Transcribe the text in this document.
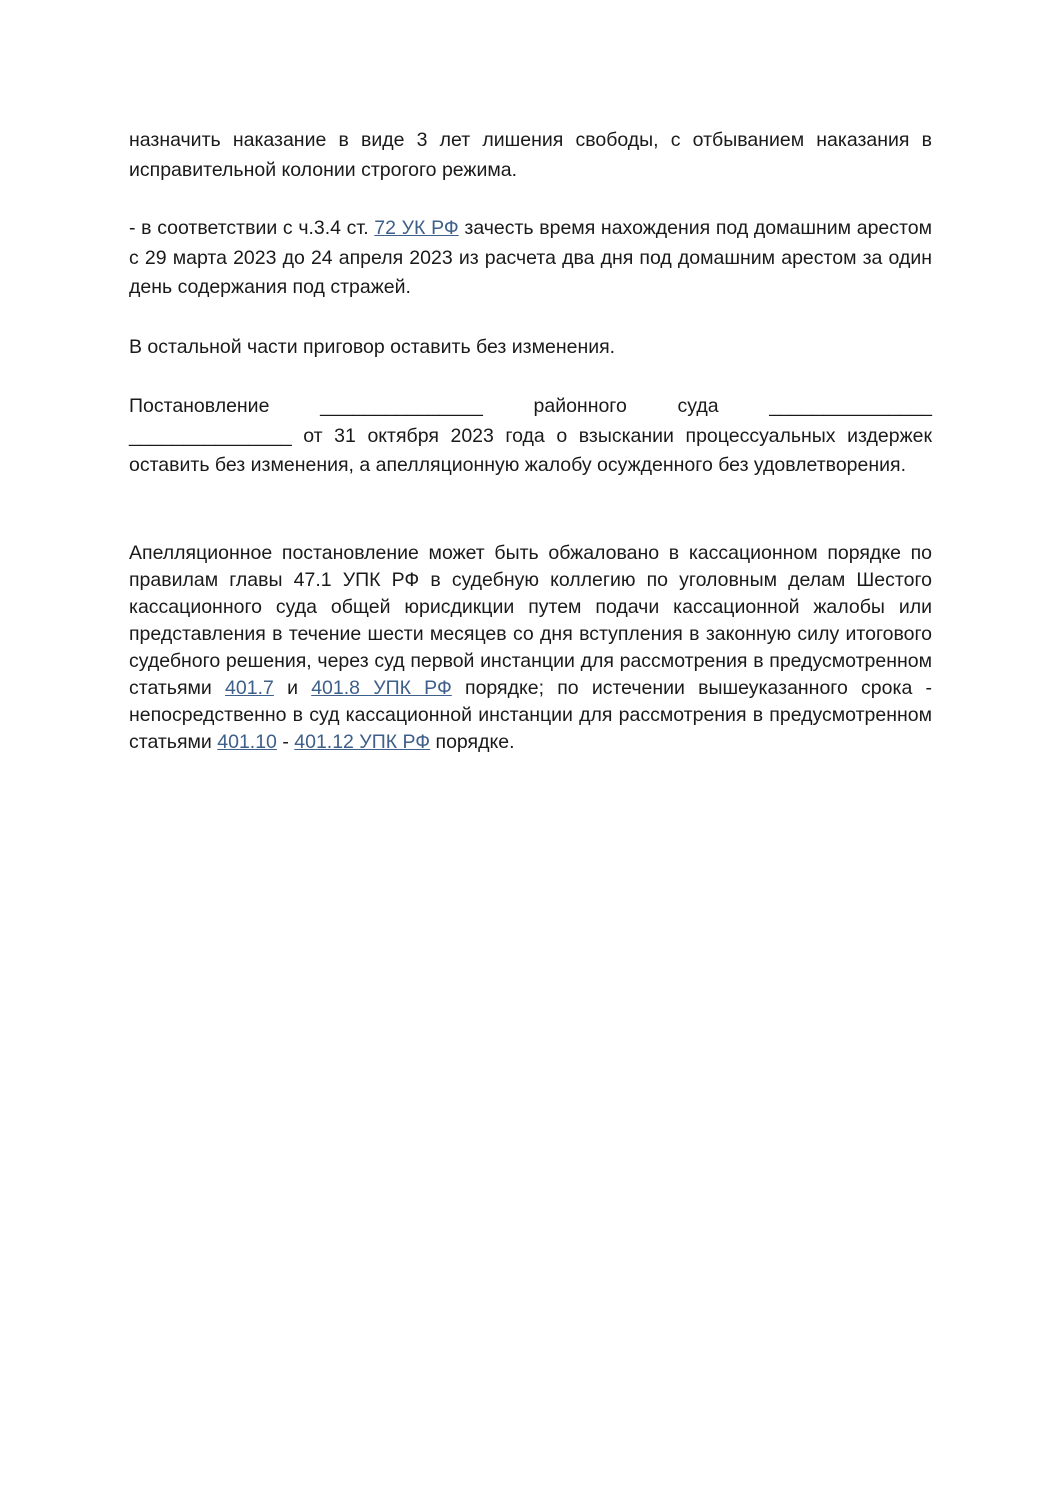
назначить наказание в виде 3 лет лишения свободы, с отбыванием наказания в исправительной колонии строгого режима.

- в соответствии с ч.3.4 ст. 72 УК РФ зачесть время нахождения под домашним арестом с 29 марта 2023 до 24 апреля 2023 из расчета два дня под домашним арестом за один день содержания под стражей.

В остальной части приговор оставить без изменения.

Постановление	_______________	районного	суда	_______________

_______________ от 31 октября 2023 года о взыскании процессуальных издержек оставить без изменения, а апелляционную жалобу осужденного без удовлетворения.

Апелляционное постановление может быть обжаловано в кассационном порядке по правилам главы 47.1 УПК РФ в судебную коллегию по уголовным делам Шестого кассационного суда общей юрисдикции путем подачи кассационной жалобы или представления в течение шести месяцев со дня вступления в законную силу итогового судебного решения, через суд первой инстанции для рассмотрения в предусмотренном статьями 401.7 и 401.8 УПК РФ порядке; по истечении вышеуказанного срока - непосредственно в суд кассационной инстанции для рассмотрения в предусмотренном статьями 401.10 - 401.12 УПК РФ порядке.
